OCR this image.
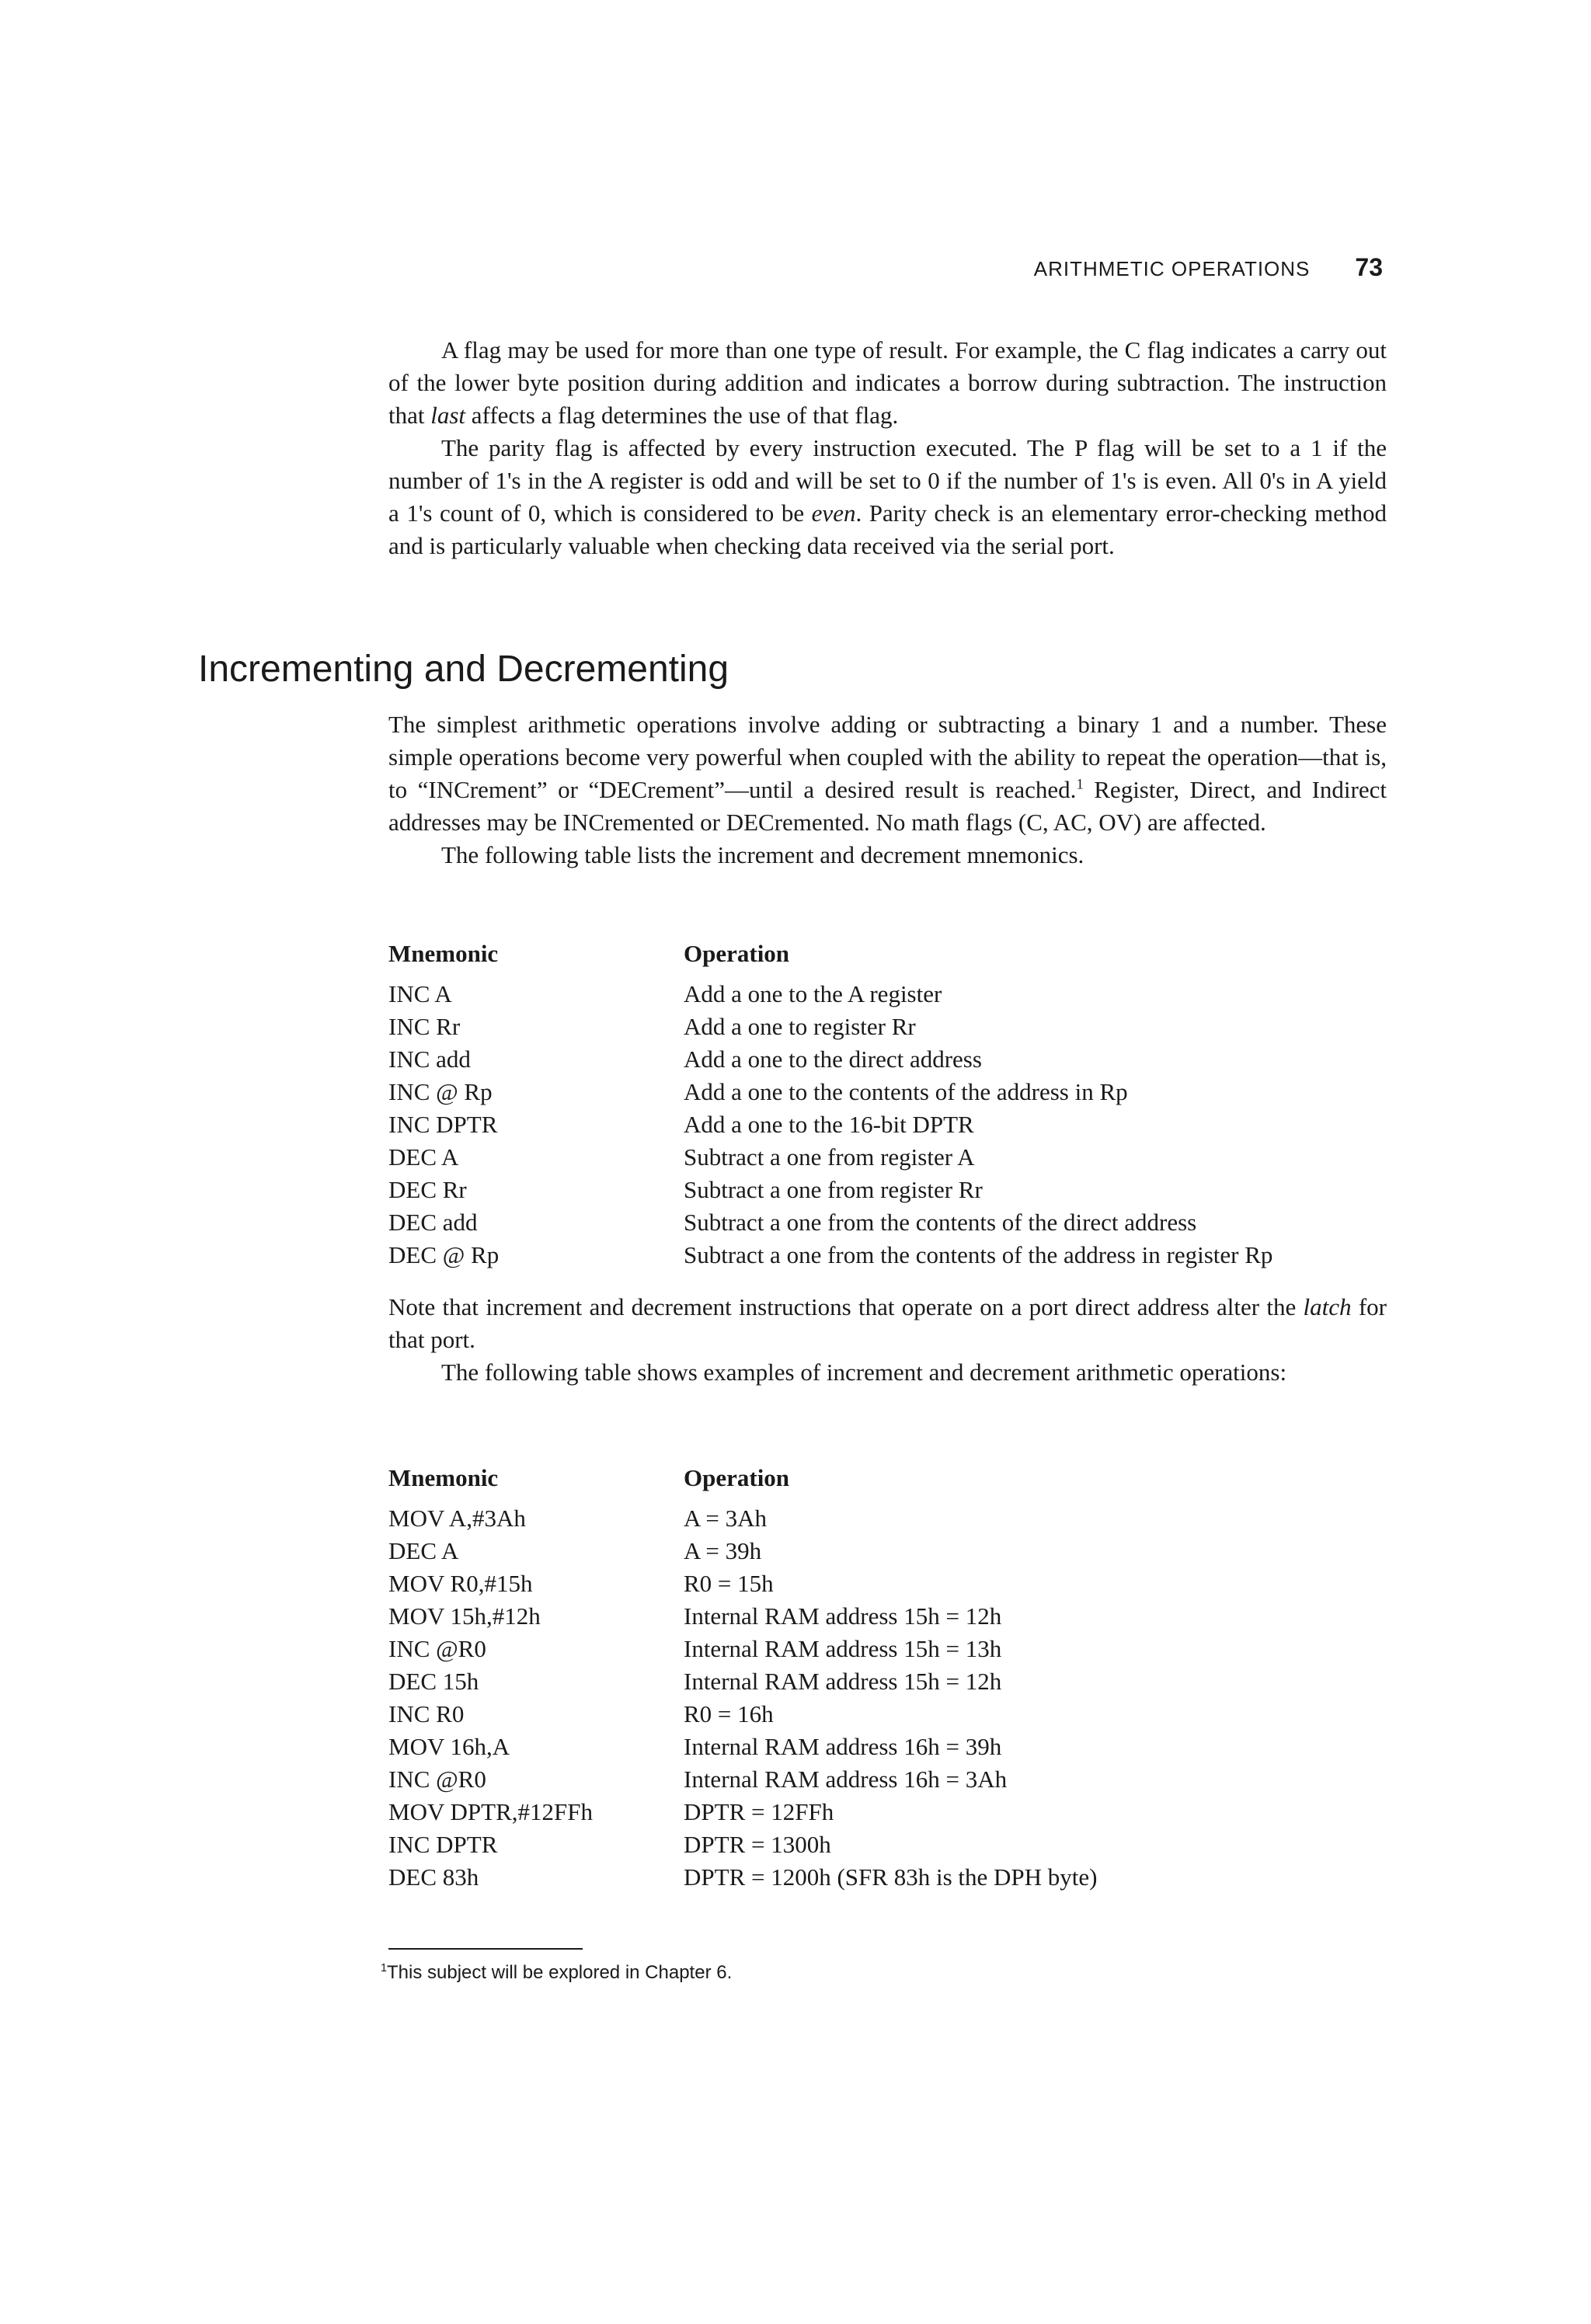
ARITHMETIC OPERATIONS 73

A flag may be used for more than one type of result. For example, the C flag indicates a carry out of the lower byte position during addition and indicates a borrow during subtraction. The instruction that last affects a flag determines the use of that flag.

The parity flag is affected by every instruction executed. The P flag will be set to a 1 if the number of 1's in the A register is odd and will be set to 0 if the number of 1's is even. All 0's in A yield a 1's count of 0, which is considered to be even. Parity check is an elementary error-checking method and is particularly valuable when checking data received via the serial port.

Incrementing and Decrementing

The simplest arithmetic operations involve adding or subtracting a binary 1 and a number. These simple operations become very powerful when coupled with the ability to repeat the operation—that is, to “INCrement” or “DECrement”—until a desired result is reached.$^1$ Register, Direct, and Indirect addresses may be INCremented or DECremented. No math flags (C, AC, OV) are affected.

The following table lists the increment and decrement mnemonics.

Mnemonic	Operation
INC A	Add a one to the A register
INC Rr	Add a one to register Rr
INC add	Add a one to the direct address
INC @ Rp	Add a one to the contents of the address in Rp
INC DPTR	Add a one to the 16-bit DPTR
DEC A	Subtract a one from register A
DEC Rr	Subtract a one from register Rr
DEC add	Subtract a one from the contents of the direct address
DEC @ Rp	Subtract a one from the contents of the address in register Rp

Note that increment and decrement instructions that operate on a port direct address alter the latch for that port.

The following table shows examples of increment and decrement arithmetic operations:

Mnemonic	Operation
MOV A,#3Ah	A = 3Ah
DEC A	A = 39h
MOV R0,#15h	R0 = 15h
MOV 15h,#12h	Internal RAM address 15h = 12h
INC @R0	Internal RAM address 15h = 13h
DEC 15h	Internal RAM address 15h = 12h
INC R0	R0 = 16h
MOV 16h,A	Internal RAM address 16h = 39h
INC @R0	Internal RAM address 16h = 3Ah
MOV DPTR,#12FFh	DPTR = 12FFh
INC DPTR	DPTR = 1300h
DEC 83h	DPTR = 1200h (SFR 83h is the DPH byte)
$^1$This subject will be explored in Chapter 6.
